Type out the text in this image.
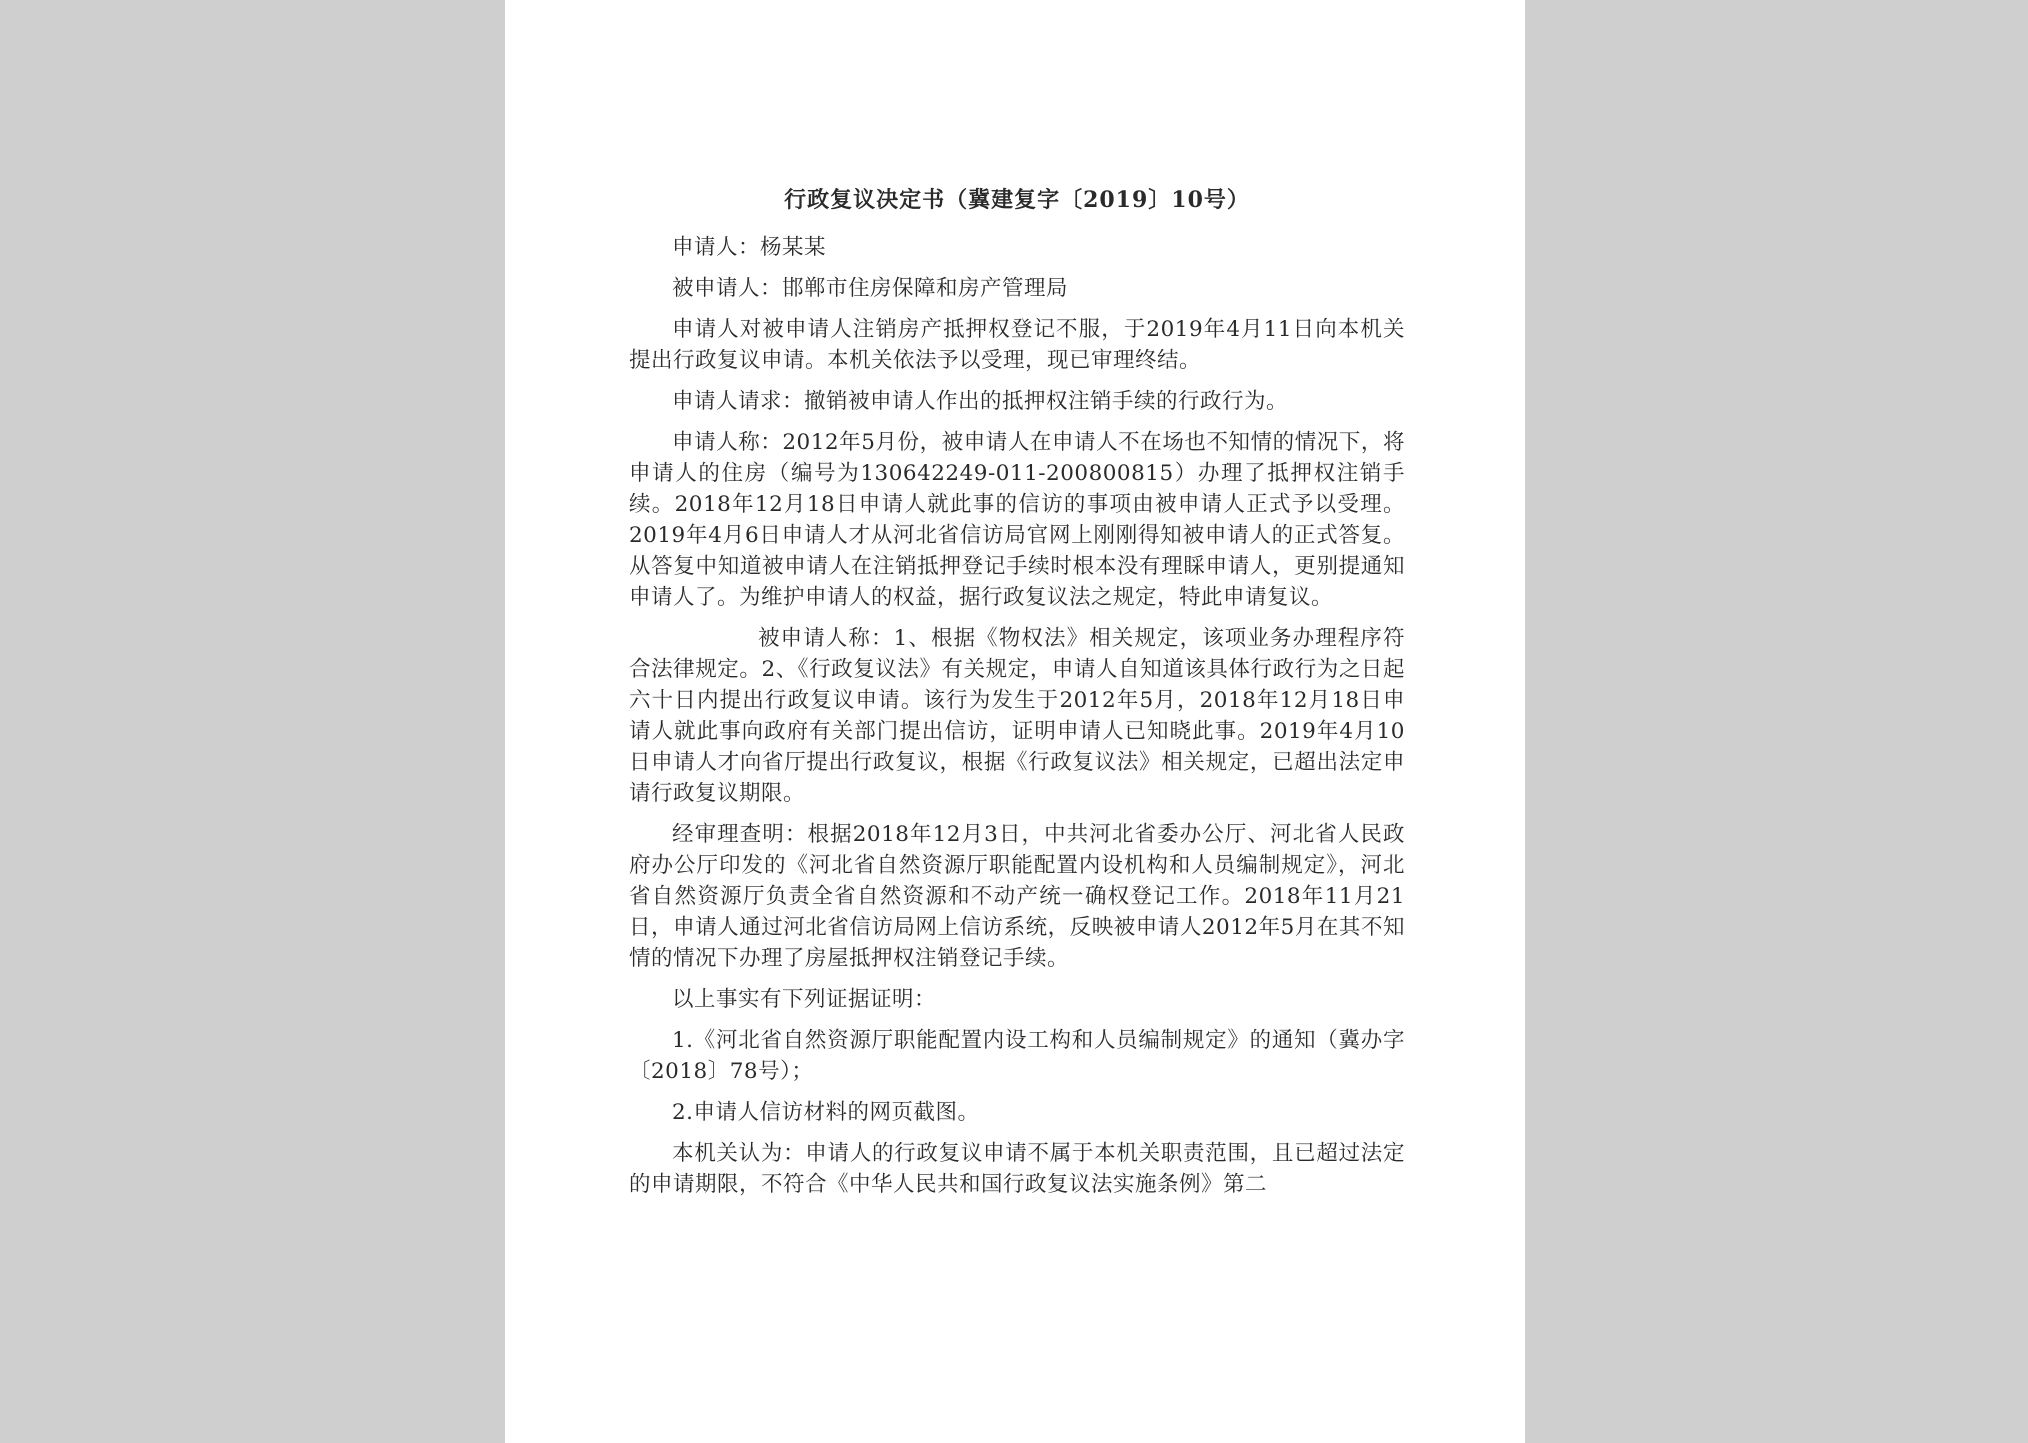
行政复议决定书（冀建复字〔2019〕10号）

申请人：杨某某

被申请人：邯郸市住房保障和房产管理局

申请人对被申请人注销房产抵押权登记不服，于2019年4月11日向本机关提出行政复议申请。本机关依法予以受理，现已审理终结。

申请人请求：撤销被申请人作出的抵押权注销手续的行政行为。

申请人称：2012年5月份，被申请人在申请人不在场也不知情的情况下，将申请人的住房（编号为130642249-011-200800815）办理了抵押权注销手续。2018年12月18日申请人就此事的信访的事项由被申请人正式予以受理。2019年4月6日申请人才从河北省信访局官网上刚刚得知被申请人的正式答复。从答复中知道被申请人在注销抵押登记手续时根本没有理睬申请人，更别提通知申请人了。为维护申请人的权益，据行政复议法之规定，特此申请复议。

被申请人称：1、根据《物权法》相关规定，该项业务办理程序符合法律规定。2、《行政复议法》有关规定，申请人自知道该具体行政行为之日起六十日内提出行政复议申请。该行为发生于2012年5月，2018年12月18日申请人就此事向政府有关部门提出信访，证明申请人已知晓此事。2019年4月10日申请人才向省厅提出行政复议，根据《行政复议法》相关规定，已超出法定申请行政复议期限。

经审理查明：根据2018年12月3日，中共河北省委办公厅、河北省人民政府办公厅印发的《河北省自然资源厅职能配置内设机构和人员编制规定》，河北省自然资源厅负责全省自然资源和不动产统一确权登记工作。2018年11月21日，申请人通过河北省信访局网上信访系统，反映被申请人2012年5月在其不知情的情况下办理了房屋抵押权注销登记手续。

以上事实有下列证据证明：

1.《河北省自然资源厅职能配置内设工构和人员编制规定》的通知（冀办字〔2018〕78号）；

2.申请人信访材料的网页截图。

本机关认为：申请人的行政复议申请不属于本机关职责范围，且已超过法定的申请期限，不符合《中华人民共和国行政复议法实施条例》第二
